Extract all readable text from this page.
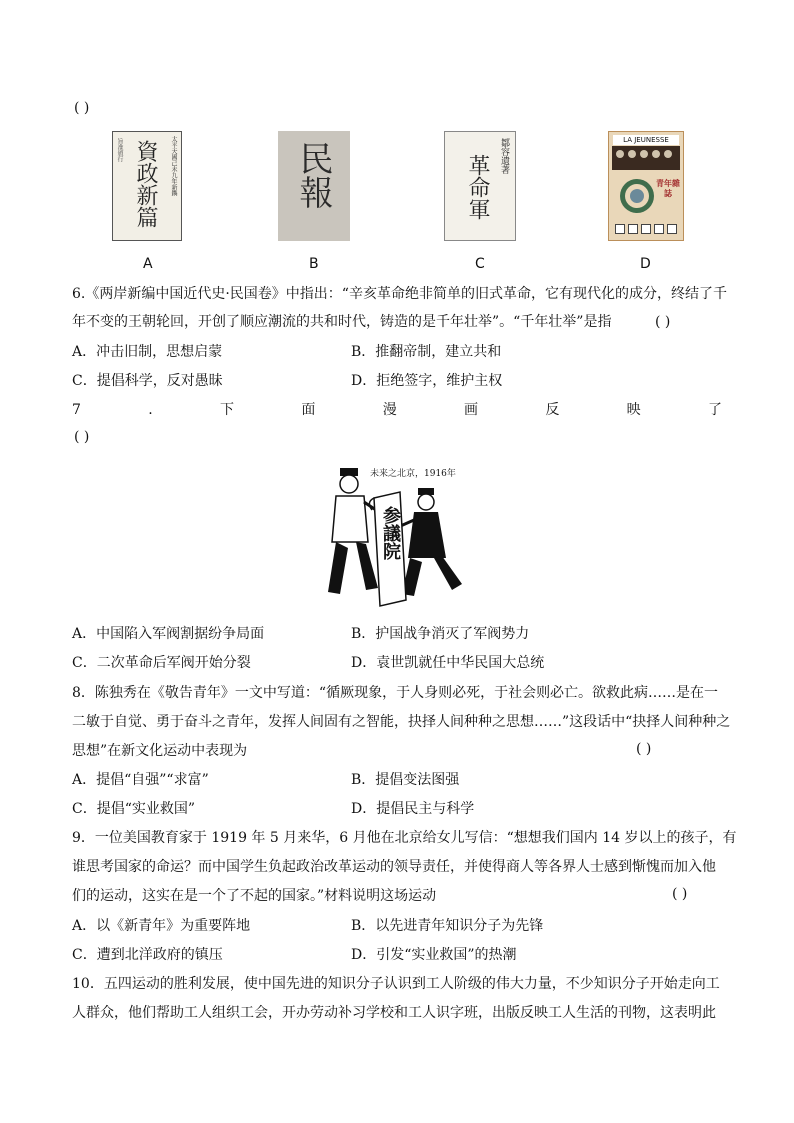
( )
太平天國己未九年新鐫
旨准頒行 資政新篇	民報	鄒容遺著
革命軍
LA JEUNESSE
青年雜誌
A	B	C	D
6.《两岸新编中国近代史·民国卷》中指出：“辛亥革命绝非简单的旧式革命，它有现代化的成分，终结了千
年不变的王朝轮回，开创了顺应潮流的共和时代，铸造的是千年壮举”。“千年壮举”是指	( )
A．冲击旧制，思想启蒙	B．推翻帝制，建立共和
C．提倡科学，反对愚昧	D．拒绝签字，维护主权
7	.	下	面	漫	画	反	映	了
( )
未来之北京，1916年
参議院
A．中国陷入军阀割据纷争局面	B．护国战争消灭了军阀势力
C．二次革命后军阀开始分裂	D．袁世凯就任中华民国大总统
8．陈独秀在《敬告青年》一文中写道：“循厥现象，于人身则必死，于社会则必亡。欲救此病……是在一
二敏于自觉、勇于奋斗之青年，发挥人间固有之智能，抉择人间种种之思想……”这段话中“抉择人间种种之
思想”在新文化运动中表现为	( )
A．提倡“自强”“求富”	B．提倡变法图强
C．提倡“实业救国”	D．提倡民主与科学
9．一位美国教育家于 1919 年 5 月来华，6 月他在北京给女儿写信：“想想我们国内 14 岁以上的孩子，有
谁思考国家的命运？而中国学生负起政治改革运动的领导责任，并使得商人等各界人士感到惭愧而加入他
们的运动，这实在是一个了不起的国家。”材料说明这场运动	( )
A．以《新青年》为重要阵地	B．以先进青年知识分子为先锋
C．遭到北洋政府的镇压	D．引发“实业救国”的热潮
10．五四运动的胜利发展，使中国先进的知识分子认识到工人阶级的伟大力量，不少知识分子开始走向工
人群众，他们帮助工人组织工会，开办劳动补习学校和工人识字班，出版反映工人生活的刊物，这表明此
